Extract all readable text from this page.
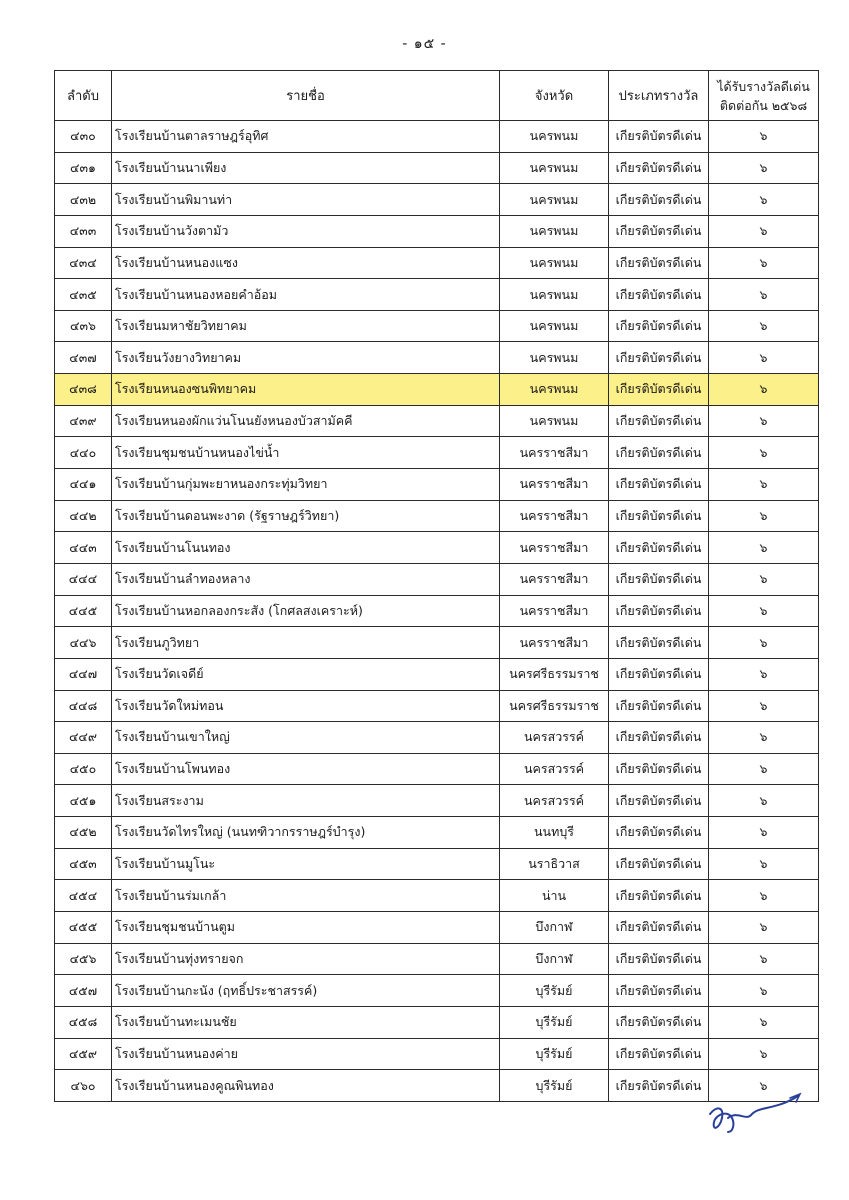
- ๑๕ -
ลำดับ	รายชื่อ	จังหวัด	ประเภทรางวัล	ได้รับรางวัลดีเด่น
ติดต่อกัน ๒๕๖๘
๔๓๐	โรงเรียนบ้านตาลราษฎร์อุทิศ	นครพนม	เกียรติบัตรดีเด่น	๖
๔๓๑	โรงเรียนบ้านนาเพียง	นครพนม	เกียรติบัตรดีเด่น	๖
๔๓๒	โรงเรียนบ้านพิมานท่า	นครพนม	เกียรติบัตรดีเด่น	๖
๔๓๓	โรงเรียนบ้านวังตามัว	นครพนม	เกียรติบัตรดีเด่น	๖
๔๓๔	โรงเรียนบ้านหนองแซง	นครพนม	เกียรติบัตรดีเด่น	๖
๔๓๕	โรงเรียนบ้านหนองหอยคำอ้อม	นครพนม	เกียรติบัตรดีเด่น	๖
๔๓๖	โรงเรียนมหาชัยวิทยาคม	นครพนม	เกียรติบัตรดีเด่น	๖
๔๓๗	โรงเรียนวังยางวิทยาคม	นครพนม	เกียรติบัตรดีเด่น	๖
๔๓๘	โรงเรียนหนองซนพิทยาคม	นครพนม	เกียรติบัตรดีเด่น	๖
๔๓๙	โรงเรียนหนองผักแว่นโนนยังหนองบัวสามัคคี	นครพนม	เกียรติบัตรดีเด่น	๖
๔๔๐	โรงเรียนชุมชนบ้านหนองไข่น้ำ	นครราชสีมา	เกียรติบัตรดีเด่น	๖
๔๔๑	โรงเรียนบ้านกุ่มพะยาหนองกระทุ่มวิทยา	นครราชสีมา	เกียรติบัตรดีเด่น	๖
๔๔๒	โรงเรียนบ้านดอนพะงาด (รัฐราษฎร์วิทยา)	นครราชสีมา	เกียรติบัตรดีเด่น	๖
๔๔๓	โรงเรียนบ้านโนนทอง	นครราชสีมา	เกียรติบัตรดีเด่น	๖
๔๔๔	โรงเรียนบ้านลำทองหลาง	นครราชสีมา	เกียรติบัตรดีเด่น	๖
๔๔๕	โรงเรียนบ้านหอกลองกระสัง (โกศลสงเคราะห์)	นครราชสีมา	เกียรติบัตรดีเด่น	๖
๔๔๖	โรงเรียนภูวิทยา	นครราชสีมา	เกียรติบัตรดีเด่น	๖
๔๔๗	โรงเรียนวัดเจดีย์	นครศรีธรรมราช	เกียรติบัตรดีเด่น	๖
๔๔๘	โรงเรียนวัดใหม่ทอน	นครศรีธรรมราช	เกียรติบัตรดีเด่น	๖
๔๔๙	โรงเรียนบ้านเขาใหญ่	นครสวรรค์	เกียรติบัตรดีเด่น	๖
๔๕๐	โรงเรียนบ้านโพนทอง	นครสวรรค์	เกียรติบัตรดีเด่น	๖
๔๕๑	โรงเรียนสระงาม	นครสวรรค์	เกียรติบัตรดีเด่น	๖
๔๕๒	โรงเรียนวัดไทรใหญ่ (นนทฑิวากรราษฎร์บำรุง)	นนทบุรี	เกียรติบัตรดีเด่น	๖
๔๕๓	โรงเรียนบ้านมูโนะ	นราธิวาส	เกียรติบัตรดีเด่น	๖
๔๕๔	โรงเรียนบ้านร่มเกล้า	น่าน	เกียรติบัตรดีเด่น	๖
๔๕๕	โรงเรียนชุมชนบ้านตูม	บึงกาฬ	เกียรติบัตรดีเด่น	๖
๔๕๖	โรงเรียนบ้านทุ่งทรายจก	บึงกาฬ	เกียรติบัตรดีเด่น	๖
๔๕๗	โรงเรียนบ้านกะนัง (ฤทธิ์ประชาสรรค์)	บุรีรัมย์	เกียรติบัตรดีเด่น	๖
๔๕๘	โรงเรียนบ้านทะเมนชัย	บุรีรัมย์	เกียรติบัตรดีเด่น	๖
๔๕๙	โรงเรียนบ้านหนองค่าย	บุรีรัมย์	เกียรติบัตรดีเด่น	๖
๔๖๐	โรงเรียนบ้านหนองคูณพินทอง	บุรีรัมย์	เกียรติบัตรดีเด่น	๖
